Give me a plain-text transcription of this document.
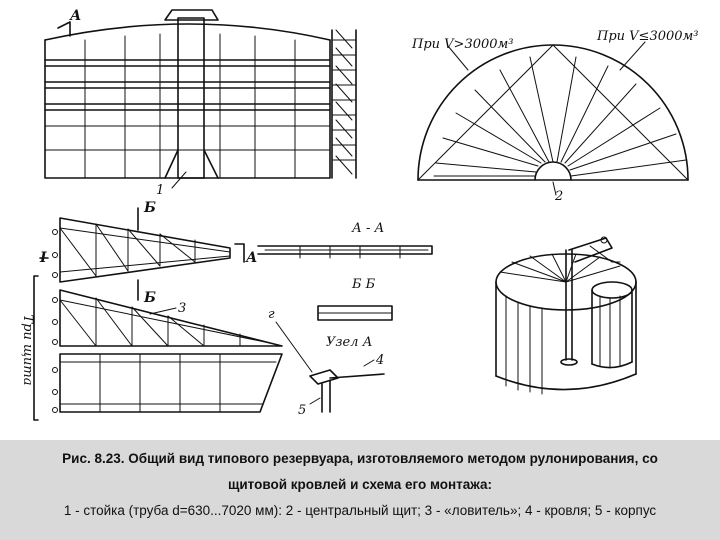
А
1	2
При V>3000м³
При V≤3000м³
Б
I	А
Б
3
Три щита
А - А
Б Б
Узел А
г
4
5
Рис. 8.23. Общий вид типового резервуара, изготовляемого методом рулонирования, со
щитовой кровлей и схема его монтажа:
1 - стойка (труба d=630...7020 мм): 2 - центральный щит; 3 - «ловитель»; 4 - кровля; 5 - корпус
